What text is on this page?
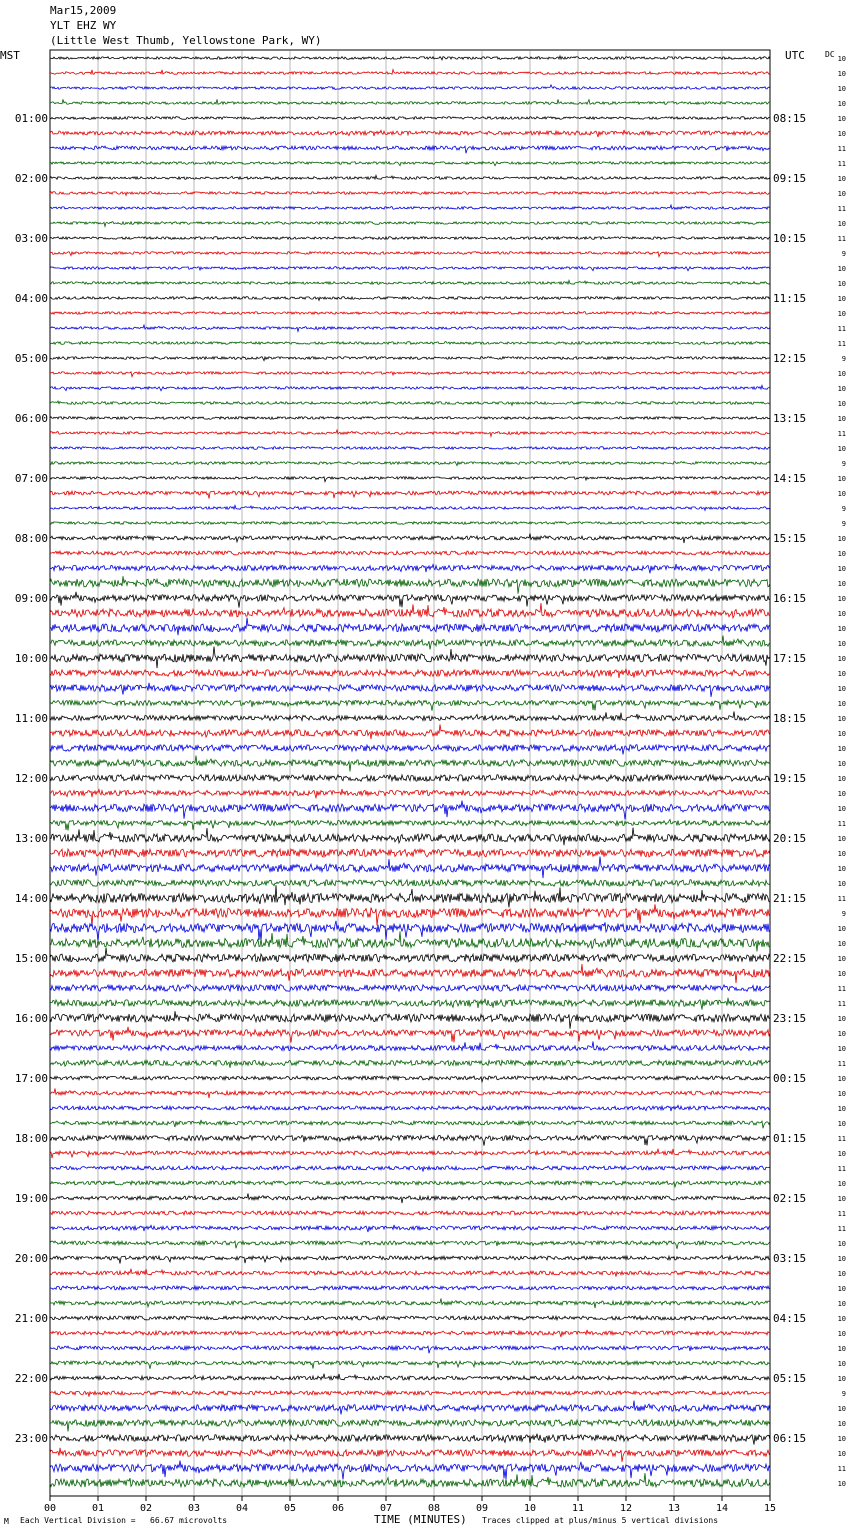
Mar15,2009
YLT EHZ WY
(Little West Thumb, Yellowstone Park, WY)
MST	UTC	DC
00	01	02	03	04	05	06	07	08	09	10	11	12	13	14	15
10
10
10
10
10
10
11
11
10
10
11
10
11
9
10
10
10
10
11
11
9
10
10
10
10
11
10
9
10
10
9
9
10
10
10
10
10
10
10
10
10
10
10
10
10
10
10
10
10
10
10
11
10
10
10
10
11
9
10
10
10
10
11
11
10
10
10
11
10
10
10
10
11
10
11
10
10
11
11
10
10
10
10
10
10
10
10
10
10
9
10
10
10
10
11
10
01:00
02:00
03:00
04:00
05:00
06:00
07:00
08:00
09:00
10:00
11:00
12:00
13:00
14:00
15:00
16:00
17:00
18:00
19:00
20:00
21:00
22:00
23:00
08:15
09:15
10:15
11:15
12:15
13:15
14:15
15:15
16:15
17:15
18:15
19:15
20:15
21:15
22:15
23:15
00:15
01:15
02:15
03:15
04:15
05:15
06:15
M Each Vertical Division =   66.67 microvolts	TIME (MINUTES) Traces clipped at plus/minus 5 vertical divisions
